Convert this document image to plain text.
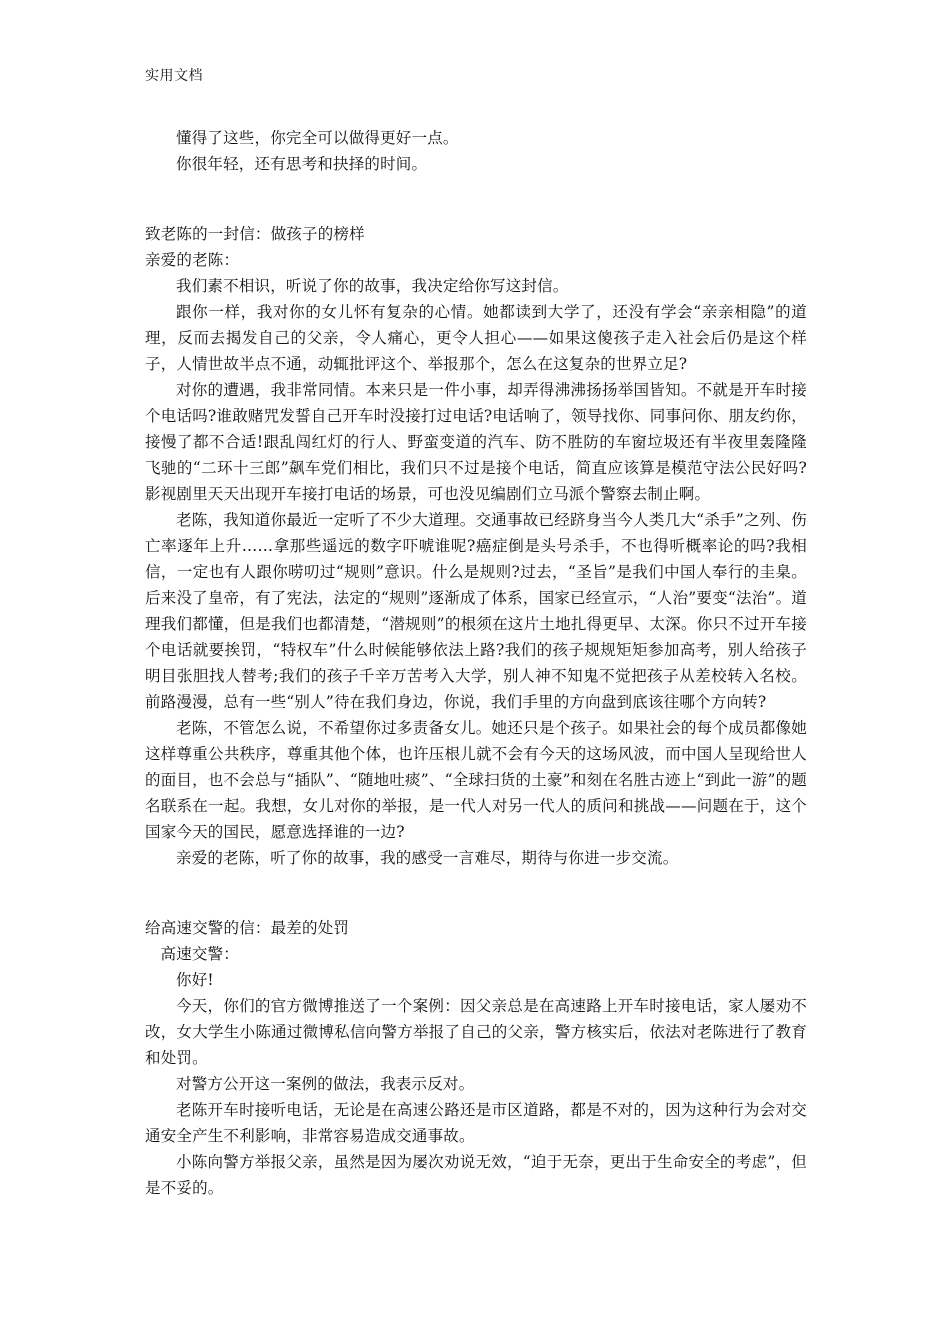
实用文档

懂得了这些，你完全可以做得更好一点。

你很年轻，还有思考和抉择的时间。

致老陈的一封信：做孩子的榜样

亲爱的老陈：

我们素不相识，听说了你的故事，我决定给你写这封信。

跟你一样，我对你的女儿怀有复杂的心情。她都读到大学了，还没有学会“亲亲相隐”的道理，反而去揭发自己的父亲，令人痛心，更令人担心——如果这傻孩子走入社会后仍是这个样子，人情世故半点不通，动辄批评这个、举报那个，怎么在这复杂的世界立足?

对你的遭遇，我非常同情。本来只是一件小事，却弄得沸沸扬扬举国皆知。不就是开车时接个电话吗?谁敢赌咒发誓自己开车时没接打过电话?电话响了，领导找你、同事问你、朋友约你，接慢了都不合适!跟乱闯红灯的行人、野蛮变道的汽车、防不胜防的车窗垃圾还有半夜里轰隆隆飞驰的“二环十三郎”飙车党们相比，我们只不过是接个电话，简直应该算是模范守法公民好吗?影视剧里天天出现开车接打电话的场景，可也没见编剧们立马派个警察去制止啊。

老陈，我知道你最近一定听了不少大道理。交通事故已经跻身当今人类几大“杀手”之列、伤亡率逐年上升……拿那些遥远的数字吓唬谁呢?癌症倒是头号杀手，不也得听概率论的吗?我相信，一定也有人跟你唠叨过“规则”意识。什么是规则?过去，“圣旨”是我们中国人奉行的圭臬。后来没了皇帝，有了宪法，法定的“规则”逐渐成了体系，国家已经宣示，“人治”要变“法治”。道理我们都懂，但是我们也都清楚，“潜规则”的根须在这片土地扎得更早、太深。你只不过开车接个电话就要挨罚，“特权车”什么时候能够依法上路?我们的孩子规规矩矩参加高考，别人给孩子明目张胆找人替考;我们的孩子千辛万苦考入大学，别人神不知鬼不觉把孩子从差校转入名校。前路漫漫，总有一些“别人”待在我们身边，你说，我们手里的方向盘到底该往哪个方向转?

老陈，不管怎么说，不希望你过多责备女儿。她还只是个孩子。如果社会的每个成员都像她这样尊重公共秩序，尊重其他个体，也许压根儿就不会有今天的这场风波，而中国人呈现给世人的面目，也不会总与“插队”、“随地吐痰”、“全球扫货的土豪”和刻在名胜古迹上“到此一游”的题名联系在一起。我想，女儿对你的举报，是一代人对另一代人的质问和挑战——问题在于，这个国家今天的国民，愿意选择谁的一边?

亲爱的老陈，听了你的故事，我的感受一言难尽，期待与你进一步交流。

给高速交警的信：最差的处罚

高速交警：

你好!

今天，你们的官方微博推送了一个案例：因父亲总是在高速路上开车时接电话，家人屡劝不改，女大学生小陈通过微博私信向警方举报了自己的父亲，警方核实后，依法对老陈进行了教育和处罚。

对警方公开这一案例的做法，我表示反对。

老陈开车时接听电话，无论是在高速公路还是市区道路，都是不对的，因为这种行为会对交通安全产生不利影响，非常容易造成交通事故。

小陈向警方举报父亲，虽然是因为屡次劝说无效，“迫于无奈，更出于生命安全的考虑”，但是不妥的。
